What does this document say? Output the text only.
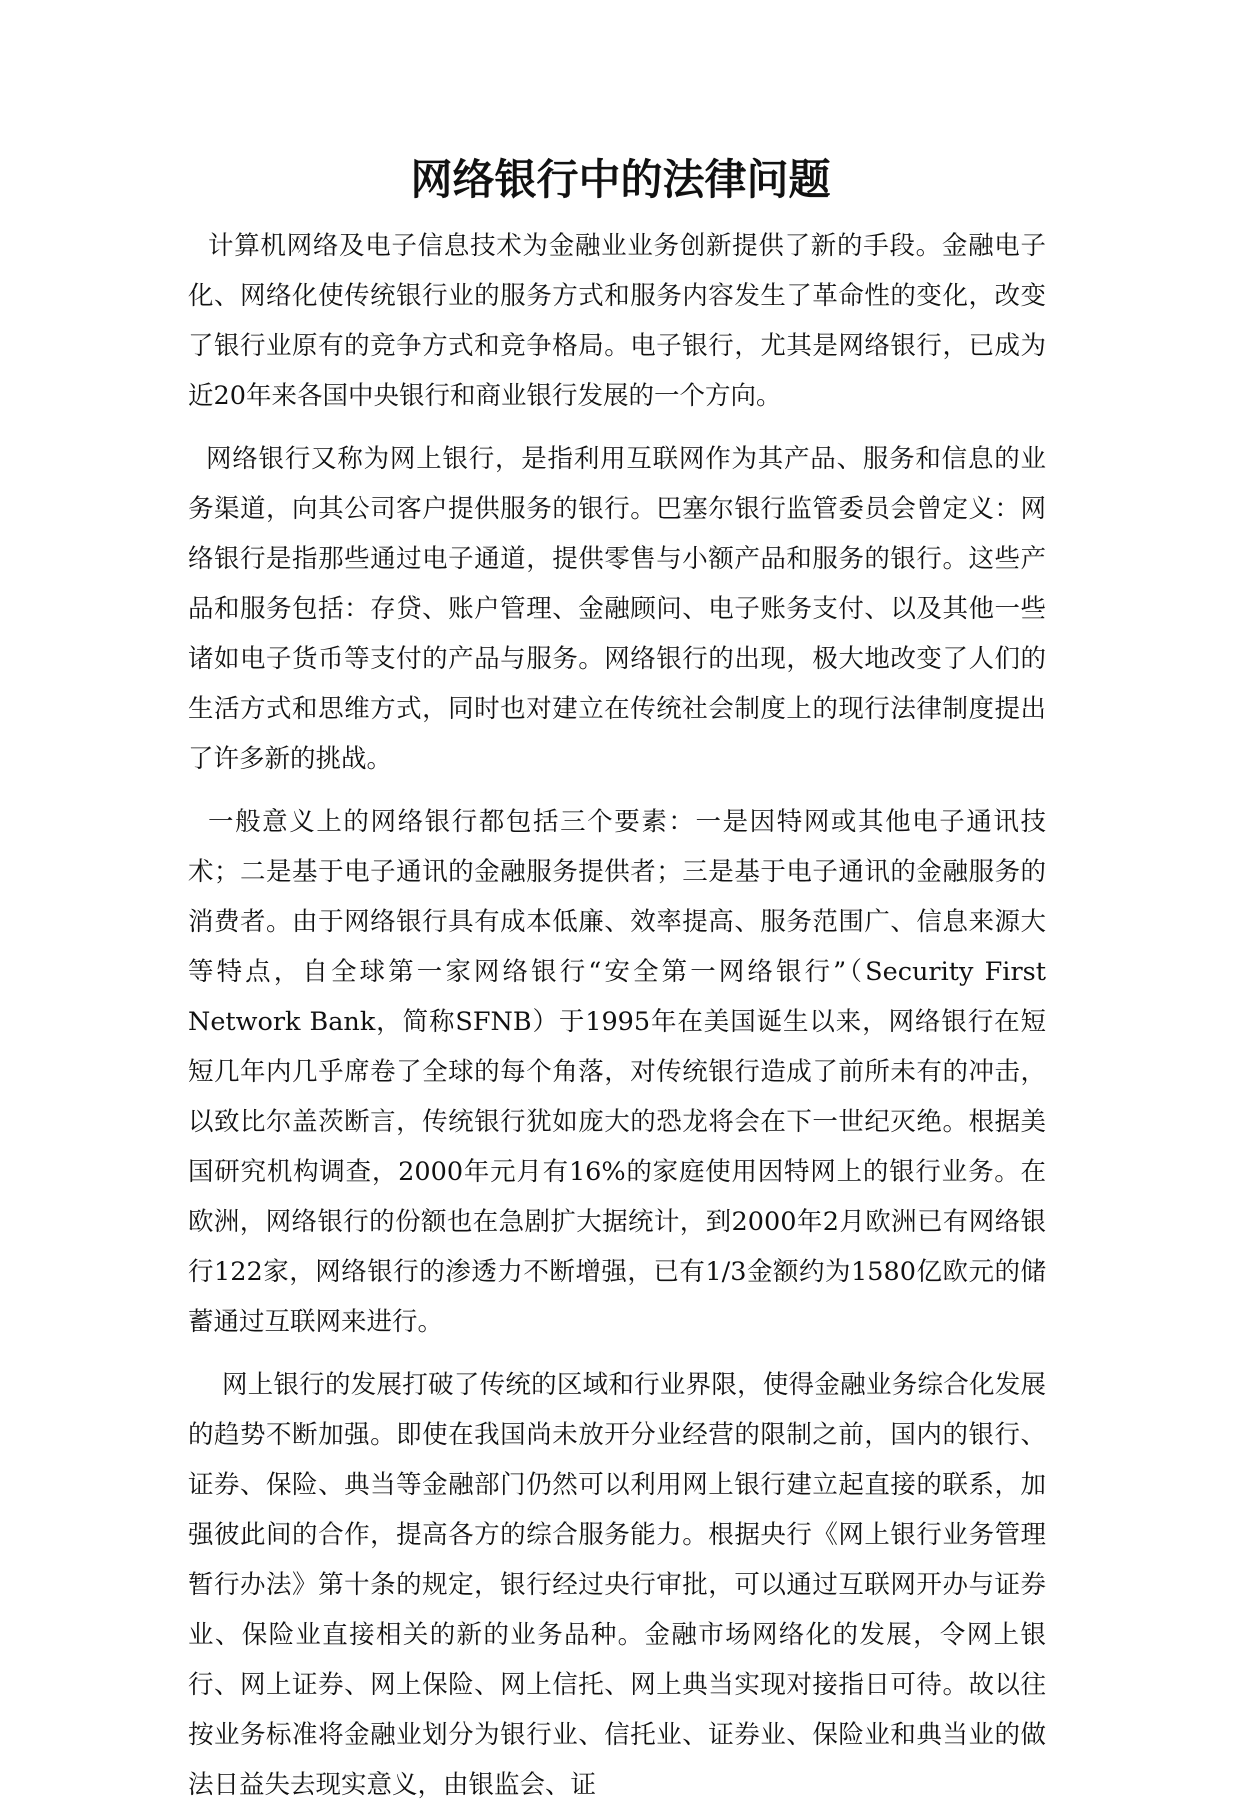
网络银行中的法律问题

计算机网络及电子信息技术为金融业业务创新提供了新的手段。金融电子化、网络化使传统银行业的服务方式和服务内容发生了革命性的变化，改变了银行业原有的竞争方式和竞争格局。电子银行，尤其是网络银行，已成为近20年来各国中央银行和商业银行发展的一个方向。

网络银行又称为网上银行，是指利用互联网作为其产品、服务和信息的业务渠道，向其公司客户提供服务的银行。巴塞尔银行监管委员会曾定义：网络银行是指那些通过电子通道，提供零售与小额产品和服务的银行。这些产品和服务包括：存贷、账户管理、金融顾问、电子账务支付、以及其他一些诸如电子货币等支付的产品与服务。网络银行的出现，极大地改变了人们的生活方式和思维方式，同时也对建立在传统社会制度上的现行法律制度提出了许多新的挑战。

一般意义上的网络银行都包括三个要素：一是因特网或其他电子通讯技术；二是基于电子通讯的金融服务提供者；三是基于电子通讯的金融服务的消费者。由于网络银行具有成本低廉、效率提高、服务范围广、信息来源大等特点，自全球第一家网络银行“安全第一网络银行”（Security First Network Bank，简称SFNB）于1995年在美国诞生以来，网络银行在短短几年内几乎席卷了全球的每个角落，对传统银行造成了前所未有的冲击，以致比尔盖茨断言，传统银行犹如庞大的恐龙将会在下一世纪灭绝。根据美国研究机构调查，2000年元月有16%的家庭使用因特网上的银行业务。在欧洲，网络银行的份额也在急剧扩大据统计，到2000年2月欧洲已有网络银行122家，网络银行的渗透力不断增强，已有1/3金额约为1580亿欧元的储蓄通过互联网来进行。

网上银行的发展打破了传统的区域和行业界限，使得金融业务综合化发展的趋势不断加强。即使在我国尚未放开分业经营的限制之前，国内的银行、证券、保险、典当等金融部门仍然可以利用网上银行建立起直接的联系，加强彼此间的合作，提高各方的综合服务能力。根据央行《网上银行业务管理暂行办法》第十条的规定，银行经过央行审批，可以通过互联网开办与证券业、保险业直接相关的新的业务品种。金融市场网络化的发展，令网上银行、网上证券、网上保险、网上信托、网上典当实现对接指日可待。故以往按业务标准将金融业划分为银行业、信托业、证券业、保险业和典当业的做法日益失去现实意义，由银监会、证
